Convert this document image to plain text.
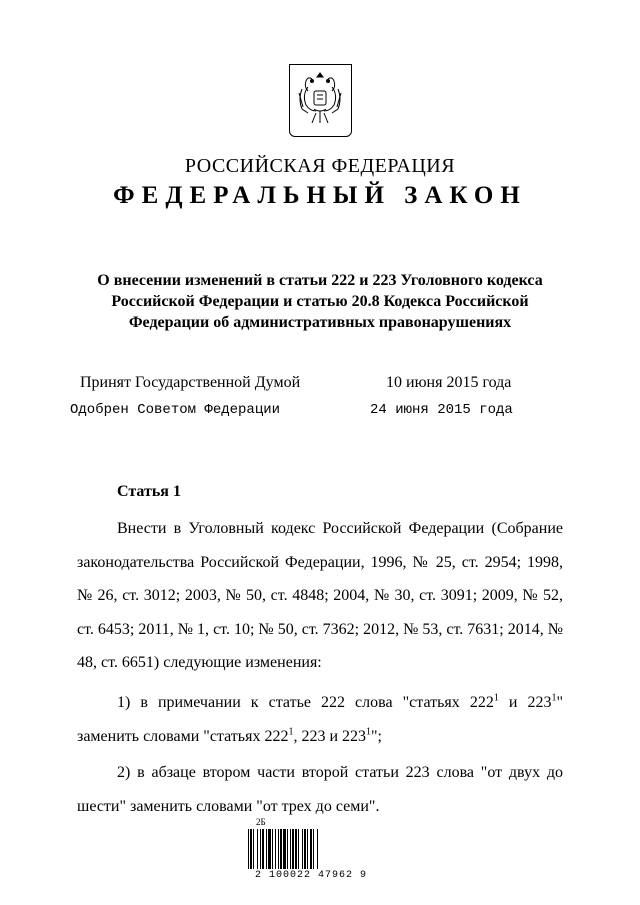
РОССИЙСКАЯ ФЕДЕРАЦИЯ
ФЕДЕРАЛЬНЫЙ ЗАКОН
О внесении изменений в статьи 222 и 223 Уголовного кодекса
Российской Федерации и статью 20.8 Кодекса Российской
Федерации об административных правонарушениях
Принят Государственной Думой	10 июня 2015 года
Одобрен Советом Федерации	24 июня 2015 года
Статья 1
Внести в Уголовный кодекс Российской Федерации (Собрание законодательства Российской Федерации, 1996, № 25, ст. 2954; 1998, № 26, ст. 3012; 2003, № 50, ст. 4848; 2004, № 30, ст. 3091; 2009, № 52, ст. 6453; 2011, № 1, ст. 10; № 50, ст. 7362; 2012, № 53, ст. 7631; 2014, № 48, ст. 6651) следующие изменения:
1) в примечании к статье 222 слова "статьях $222^1$ и $223^1$" заменить словами "статьях $222^1$, 223 и $223^1$";
2) в абзаце втором части второй статьи 223 слова "от двух до шести" заменить словами "от трех до семи".
2Б
2 100022 47962 9
